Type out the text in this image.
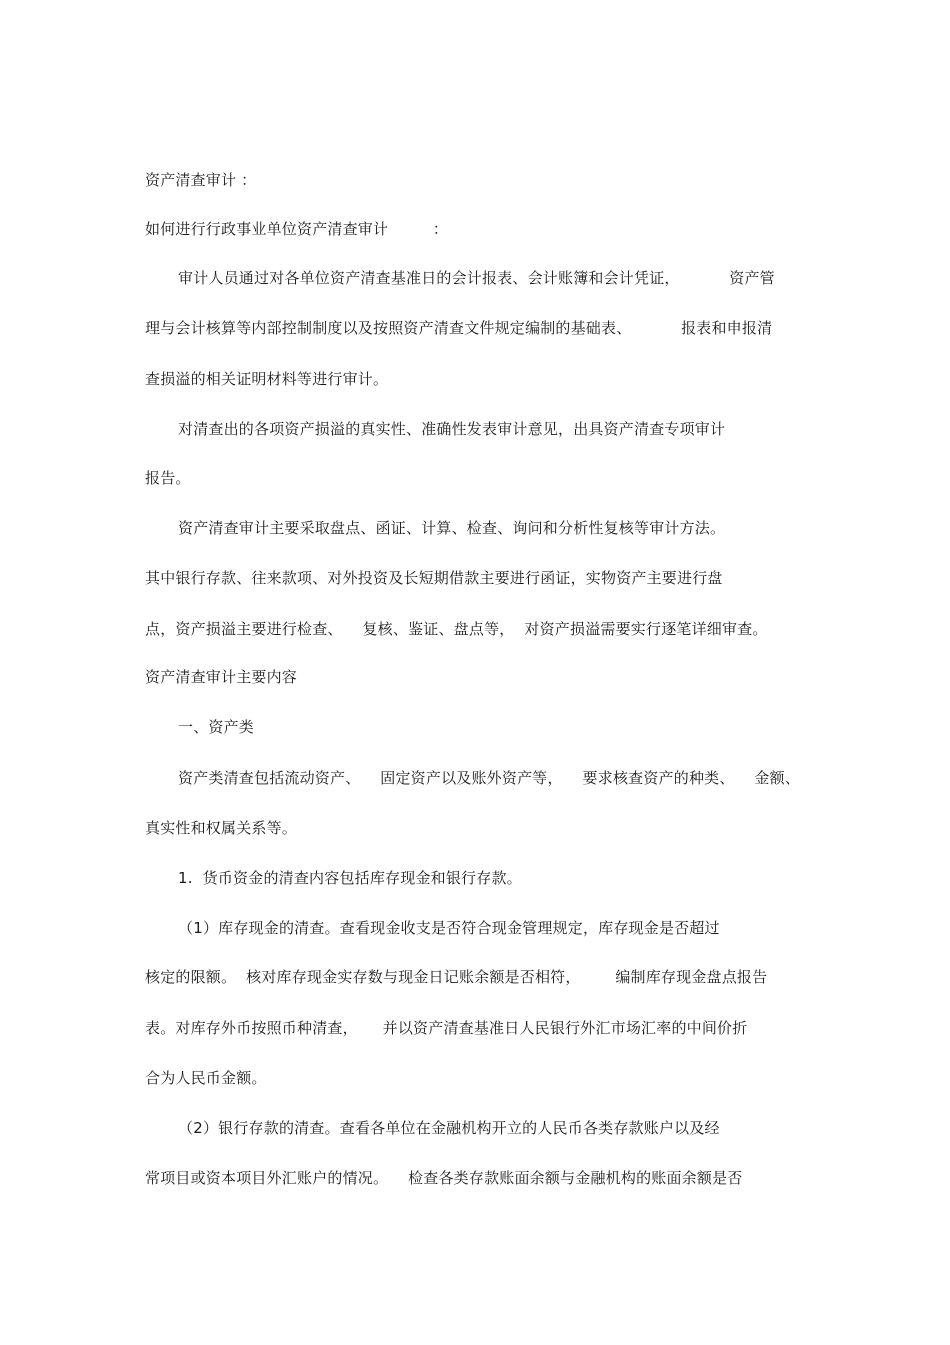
资产清查审计 ：
如何进行行政事业单位资产清查审计         ：
审计人员通过对各单位资产清查基准日的会计报表、会计账簿和会计凭证，          资产管
理与会计核算等内部控制制度以及按照资产清查文件规定编制的基础表、          报表和申报清
查损溢的相关证明材料等进行审计。
对清查出的各项资产损溢的真实性、准确性发表审计意见，出具资产清查专项审计
报告。
资产清查审计主要采取盘点、函证、计算、检查、询问和分析性复核等审计方法。
其中银行存款、往来款项、对外投资及长短期借款主要进行函证，实物资产主要进行盘
点，资产损溢主要进行检查、    复核、鉴证、盘点等，  对资产损溢需要实行逐笔详细审查。
资产清查审计主要内容
一、资产类
资产类清查包括流动资产、    固定资产以及账外资产等，    要求核查资产的种类、    金额、
真实性和权属关系等。
1.  货币资金的清查内容包括库存现金和银行存款。
（1）库存现金的清查。查看现金收支是否符合现金管理规定，库存现金是否超过
核定的限额。  核对库存现金实存数与现金日记账余额是否相符，       编制库存现金盘点报告
表。对库存外币按照币种清查，     并以资产清查基准日人民银行外汇市场汇率的中间价折
合为人民币金额。
（2）银行存款的清查。查看各单位在金融机构开立的人民币各类存款账户以及经
常项目或资本项目外汇账户的情况。    检查各类存款账面余额与金融机构的账面余额是否
